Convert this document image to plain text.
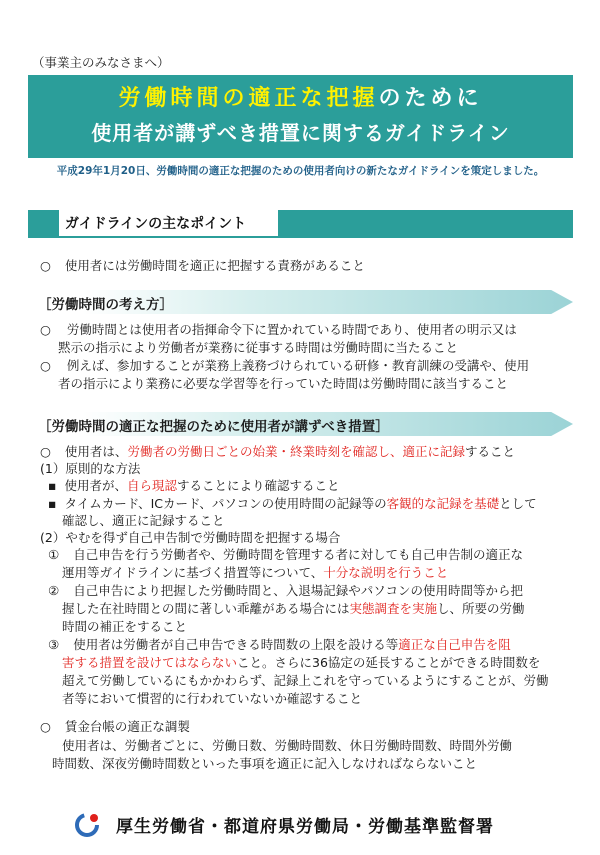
（事業主のみなさまへ）
労働時間の適正な把握のために
使用者が講ずべき措置に関するガイドライン
平成29年1月20日、労働時間の適正な把握のための使用者向けの新たなガイドラインを策定しました。
ガイドラインの主なポイント
○ 使用者には労働時間を適正に把握する責務があること
［労働時間の考え方］
○ 労働時間とは使用者の指揮命令下に置かれている時間であり、使用者の明示又は
黙示の指示により労働者が業務に従事する時間は労働時間に当たること
○ 例えば、参加することが業務上義務づけられている研修・教育訓練の受講や、使用
者の指示により業務に必要な学習等を行っていた時間は労働時間に該当すること
［労働時間の適正な把握のために使用者が講ずべき措置］
○ 使用者は、労働者の労働日ごとの始業・終業時刻を確認し、適正に記録すること
(1）原則的な方法
▪ 使用者が、自ら現認することにより確認すること
▪ タイムカード、ICカード、パソコンの使用時間の記録等の客観的な記録を基礎として
確認し、適正に記録すること
(2）やむを得ず自己申告制で労働時間を把握する場合
① 自己申告を行う労働者や、労働時間を管理する者に対しても自己申告制の適正な
運用等ガイドラインに基づく措置等について、十分な説明を行うこと
② 自己申告により把握した労働時間と、入退場記録やパソコンの使用時間等から把
握した在社時間との間に著しい乖離がある場合には実態調査を実施し、所要の労働
時間の補正をすること
③ 使用者は労働者が自己申告できる時間数の上限を設ける等適正な自己申告を阻
害する措置を設けてはならないこと。さらに36協定の延長することができる時間数を
超えて労働しているにもかかわらず、記録上これを守っているようにすることが、労働
者等において慣習的に行われていないか確認すること
○ 賃金台帳の適正な調製
使用者は、労働者ごとに、労働日数、労働時間数、休日労働時間数、時間外労働
時間数、深夜労働時間数といった事項を適正に記入しなければならないこと
厚生労働省・都道府県労働局・労働基準監督署
